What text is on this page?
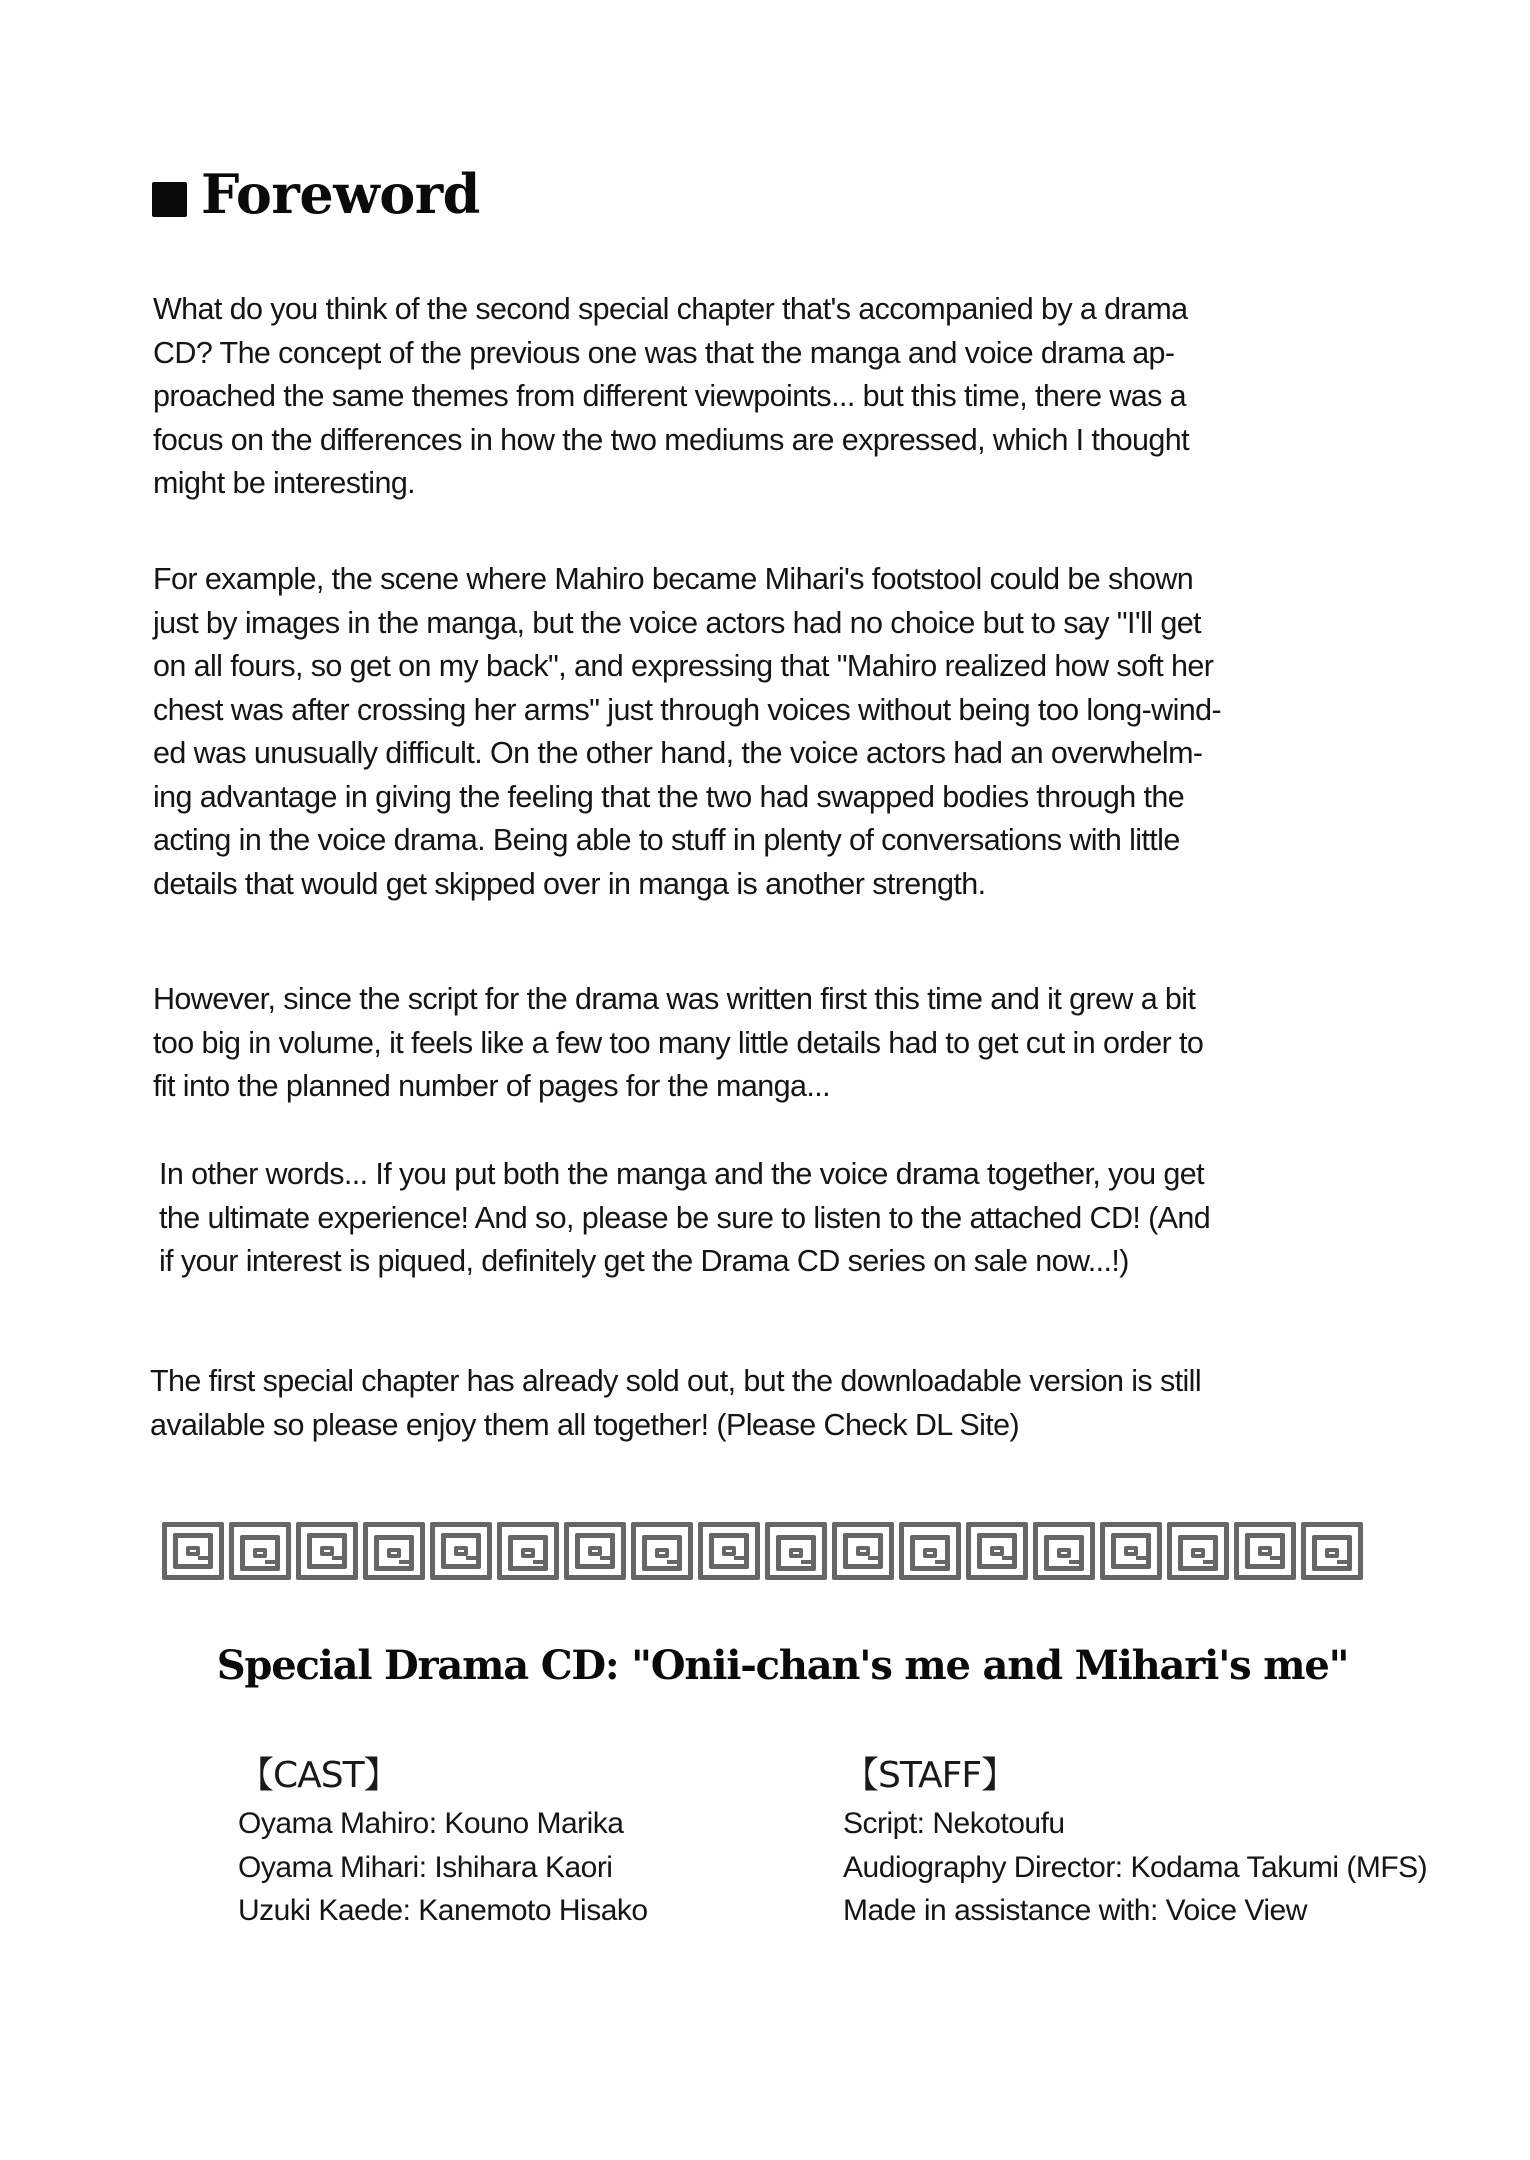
Foreword

What do you think of the second special chapter that's accompanied by a drama
CD? The concept of the previous one was that the manga and voice drama ap-
proached the same themes from different viewpoints... but this time, there was a
focus on the differences in how the two mediums are expressed, which I thought
might be interesting.

For example, the scene where Mahiro became Mihari's footstool could be shown
just by images in the manga, but the voice actors had no choice but to say "I'll get
on all fours, so get on my back", and expressing that "Mahiro realized how soft her
chest was after crossing her arms" just through voices without being too long-wind-
ed was unusually difficult. On the other hand, the voice actors had an overwhelm-
ing advantage in giving the feeling that the two had swapped bodies through the
acting in the voice drama. Being able to stuff in plenty of conversations with little
details that would get skipped over in manga is another strength.

However, since the script for the drama was written first this time and it grew a bit
too big in volume, it feels like a few too many little details had to get cut in order to
fit into the planned number of pages for the manga...

In other words... If you put both the manga and the voice drama together, you get
the ultimate experience! And so, please be sure to listen to the attached CD! (And
if your interest is piqued, definitely get the Drama CD series on sale now...!)

The first special chapter has already sold out, but the downloadable version is still
available so please enjoy them all together! (Please Check DL Site)

Special Drama CD: "Onii-chan's me and Mihari's me"
【CAST】
Oyama Mahiro: Kouno Marika
Oyama Mihari: Ishihara Kaori
Uzuki Kaede: Kanemoto Hisako
【STAFF】
Script: Nekotoufu
Audiography Director: Kodama Takumi (MFS)
Made in assistance with: Voice View
